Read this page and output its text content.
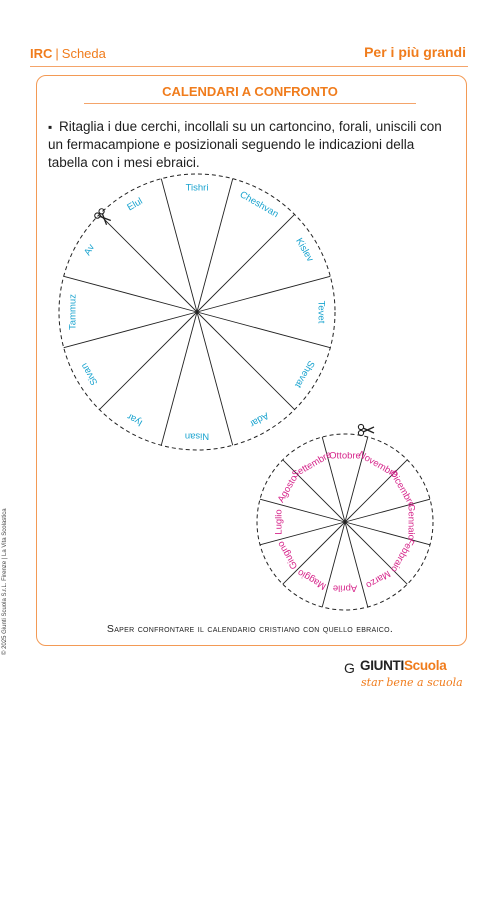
IRC | Scheda	Per i più grandi
CALENDARI A CONFRONTO
▪ Ritaglia i due cerchi, incollali su un cartoncino, forali, uniscili con un fermacampione e posizionali seguendo le indicazioni della tabella con i mesi ebraici.
Tishri
Cheshvan
Kislev
Tevet
Shevat
Adar
Nisan
Iyar
Sivan
Tammuz
Av
Elul
Novembre
Dicembre
Gennaio
Febbraio
Marzo
Aprile
Maggio
Giugno
Luglio
Agosto
Settembre
Ottobre
Saper confrontare il calendario cristiano con quello ebraico.
© 2025 Giunti Scuola S.r.L. Firenze | La Vita Scolastica
G GIUNTIScuola
star bene a scuola
